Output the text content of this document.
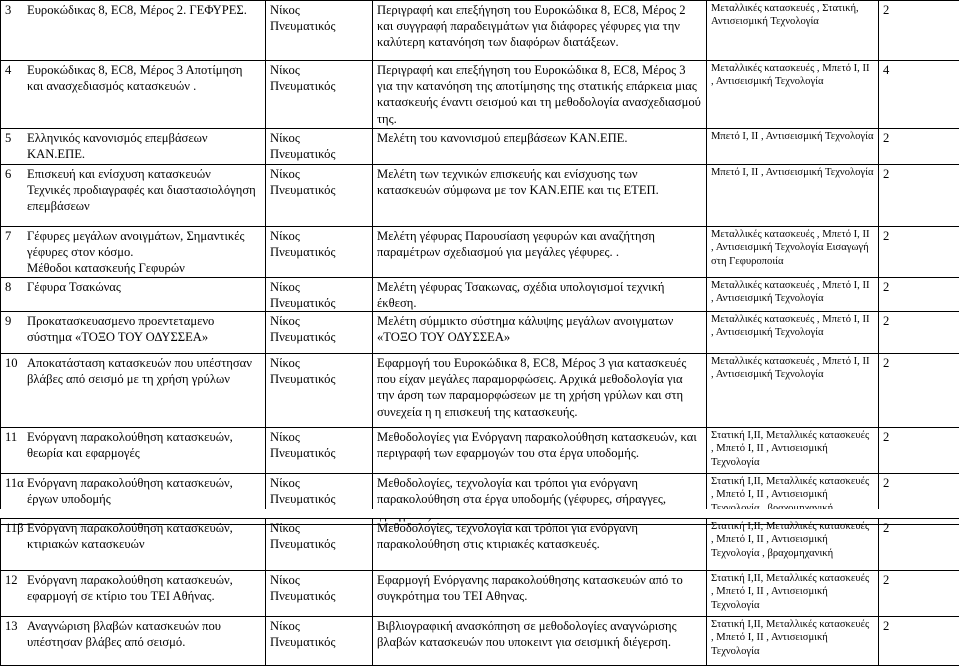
3 Ευροκώδικας 8, ΕC8, Μέρος 2. ΓΕΦΥΡΕΣ.	Νίκος Πνευματικός	Περιγραφή και επεξήγηση του Ευροκώδικα 8, ΕC8, Μέρος 2 και συγγραφή παραδειγμάτων για διάφορες γέφυρες για την καλύτερη κατανόηση των διαφόρων διατάξεων.	Μεταλλικές κατασκευές , Στατική, Αντισεισμική Τεχνολογία	2

4 Ευροκώδικας 8, ΕC8, Μέρος 3 Αποτίμηση και ανασχεδιασμός κατασκευών .	Νίκος Πνευματικός	Περιγραφή και επεξήγηση του Ευροκώδικα 8, ΕC8, Μέρος 3 για την κατανόηση της αποτίμησης της στατικής επάρκεια μιας κατασκευής έναντι σεισμού και τη μεθοδολογία ανασχεδιασμού της.	Μεταλλικές κατασκευές , Μπετό Ι, ΙΙ , Αντισεισμική Τεχνολογία	4

5 Ελληνικός κανονισμός επεμβάσεων ΚΑΝ.ΕΠΕ.	Νίκος Πνευματικός	Μελέτη του κανονισμού επεμβάσεων ΚΑΝ.ΕΠΕ.	Μπετό Ι, ΙΙ , Αντισεισμική Τεχνολογία	2

6 Επισκευή και ενίσχυση κατασκευών
Τεχνικές προδιαγραφές και διαστασιολόγηση επεμβάσεων	Νίκος Πνευματικός	Μελέτη των τεχνικών επισκευής και ενίσχυσης των κατασκευών σύμφωνα με τον ΚΑΝ.ΕΠΕ και τις ΕΤΕΠ.	Μπετό Ι, ΙΙ , Αντισεισμική Τεχνολογία	2

7 Γέφυρες μεγάλων ανοιγμάτων, Σημαντικές γέφυρες στον κόσμο.
Μέθοδοι κατασκευής Γεφυρών	Νίκος Πνευματικός	Μελέτη γέφυρας Παρουσίαση γεφυρών και αναζήτηση παραμέτρων σχεδιασμού για μεγάλες γέφυρες. .	Μεταλλικές κατασκευές , Μπετό Ι, ΙΙ , Αντισεισμική Τεχνολογία Εισαγωγή στη Γεφυροποιία	2

8 Γέφυρα Τσακώνας	Νίκος Πνευματικός	Μελέτη γέφυρας Τσακωνας, σχέδια υπολογισμοί τεχνική έκθεση.	Μεταλλικές κατασκευές , Μπετό Ι, ΙΙ , Αντισεισμική Τεχνολογία	2

9 Προκατασκευασμενο προεντεταμενο σύστημα «ΤΟΞΟ ΤΟΥ ΟΔΥΣΣΕΑ»	Νίκος Πνευματικός	Μελέτη σύμμικτο σύστημα κάλυψης μεγάλων ανοιγματων «ΤΟΞΟ ΤΟΥ ΟΔΥΣΣΕΑ»	Μεταλλικές κατασκευές , Μπετό Ι, ΙΙ , Αντισεισμική Τεχνολογία	2

10 Αποκατάσταση κατασκευών που υπέστησαν βλάβες από σεισμό με τη χρήση γρύλων	Νίκος Πνευματικός	Εφαρμογή του Ευροκώδικα 8, ΕC8, Μέρος 3 για κατασκευές που είχαν μεγάλες παραμορφώσεις. Αρχικά μεθοδολογία για την άρση των παραμορφώσεων με τη χρήση γρύλων και στη συνεχεία η η επισκευή της κατασκευής.	Μεταλλικές κατασκευές , Μπετό Ι, ΙΙ , Αντισεισμική Τεχνολογία	2

11 Ενόργανη παρακολούθηση κατασκευών, θεωρία και εφαρμογές	Νίκος Πνευματικός	Μεθοδολογίες για Ενόργανη παρακολούθηση κατασκευών, και περιγραφή των εφαρμογών του στα έργα υποδομής.	Στατική Ι,ΙΙ, Μεταλλικές κατασκευές , Μπετό Ι, ΙΙ , Αντισεισμική Τεχνολογία	2

11α Ενόργανη παρακολούθηση κατασκευών, έργων υποδομής	Νίκος Πνευματικός	Μεθοδολογίες, τεχνολογία και τρόποι για ενόργανη παρακολούθηση στα έργα υποδομής (γέφυρες, σήραγγες,	Στατική Ι,ΙΙ, Μεταλλικές κατασκευές , Μπετό Ι, ΙΙ , Αντισεισμική	2
11β Ενόργανη παρακολούθηση κατασκευών, κτιριακών κατασκευών	Νίκος Πνευματικός	Μεθοδολογίες, τεχνολογία και τρόποι για ενόργανη παρακολούθηση στις κτιριακές κατασκευές.	Στατική Ι,ΙΙ, Μεταλλικές κατασκευές , Μπετό Ι, ΙΙ , Αντισεισμική Τεχνολογία , βραχομηχανική	2

12 Ενόργανη παρακολούθηση κατασκευών, εφαρμογή σε κτίριο του ΤΕΙ Αθήνας.	Νίκος Πνευματικός	Εφαρμογή Ενόργανης παρακολούθησης κατασκευών από το συγκρότημα του ΤΕΙ Αθηνας.	Στατική Ι,ΙΙ, Μεταλλικές κατασκευές , Μπετό Ι, ΙΙ , Αντισεισμική Τεχνολογία	2

13 Αναγνώριση βλαβών κατασκευών που υπέστησαν βλάβες από σεισμό.	Νίκος Πνευματικός	Βιβλιογραφική ανασκόπηση σε μεθοδολογίες αναγνώρισης βλαβών κατασκευών που υποκειντ για σεισμική διέγερση.	Στατική Ι,ΙΙ, Μεταλλικές κατασκευές , Μπετό Ι, ΙΙ , Αντισεισμική Τεχνολογία	2
